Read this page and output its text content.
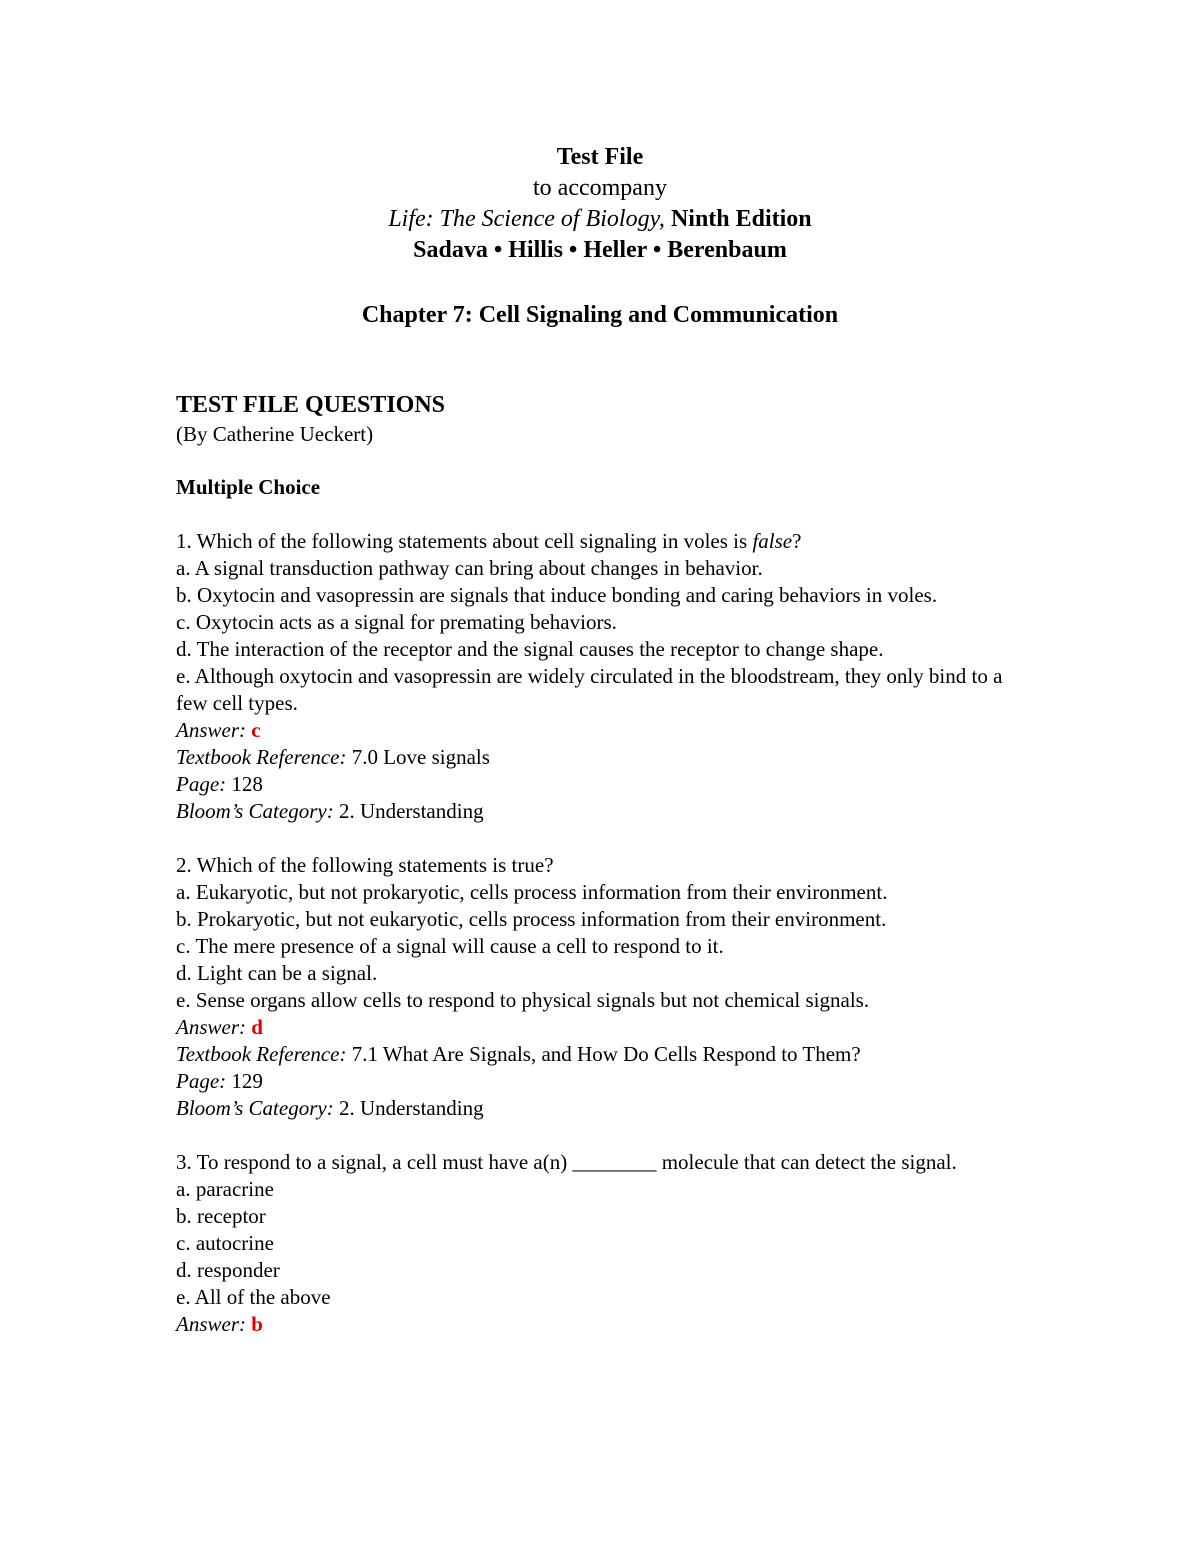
Test File
to accompany
Life: The Science of Biology, Ninth Edition
Sadava • Hillis • Heller • Berenbaum
Chapter 7: Cell Signaling and Communication

TEST FILE QUESTIONS

(By Catherine Ueckert)

Multiple Choice
1. Which of the following statements about cell signaling in voles is false?
a. A signal transduction pathway can bring about changes in behavior.
b. Oxytocin and vasopressin are signals that induce bonding and caring behaviors in voles.
c. Oxytocin acts as a signal for premating behaviors.
d. The interaction of the receptor and the signal causes the receptor to change shape.
e. Although oxytocin and vasopressin are widely circulated in the bloodstream, they only bind to a few cell types.
Answer: c
Textbook Reference: 7.0 Love signals
Page: 128
Bloom’s Category: 2. Understanding
2. Which of the following statements is true?
a. Eukaryotic, but not prokaryotic, cells process information from their environment.
b. Prokaryotic, but not eukaryotic, cells process information from their environment.
c. The mere presence of a signal will cause a cell to respond to it.
d. Light can be a signal.
e. Sense organs allow cells to respond to physical signals but not chemical signals.
Answer: d
Textbook Reference: 7.1 What Are Signals, and How Do Cells Respond to Them?
Page: 129
Bloom’s Category: 2. Understanding
3. To respond to a signal, a cell must have a(n) ________ molecule that can detect the signal.
a. paracrine
b. receptor
c. autocrine
d. responder
e. All of the above
Answer: b
